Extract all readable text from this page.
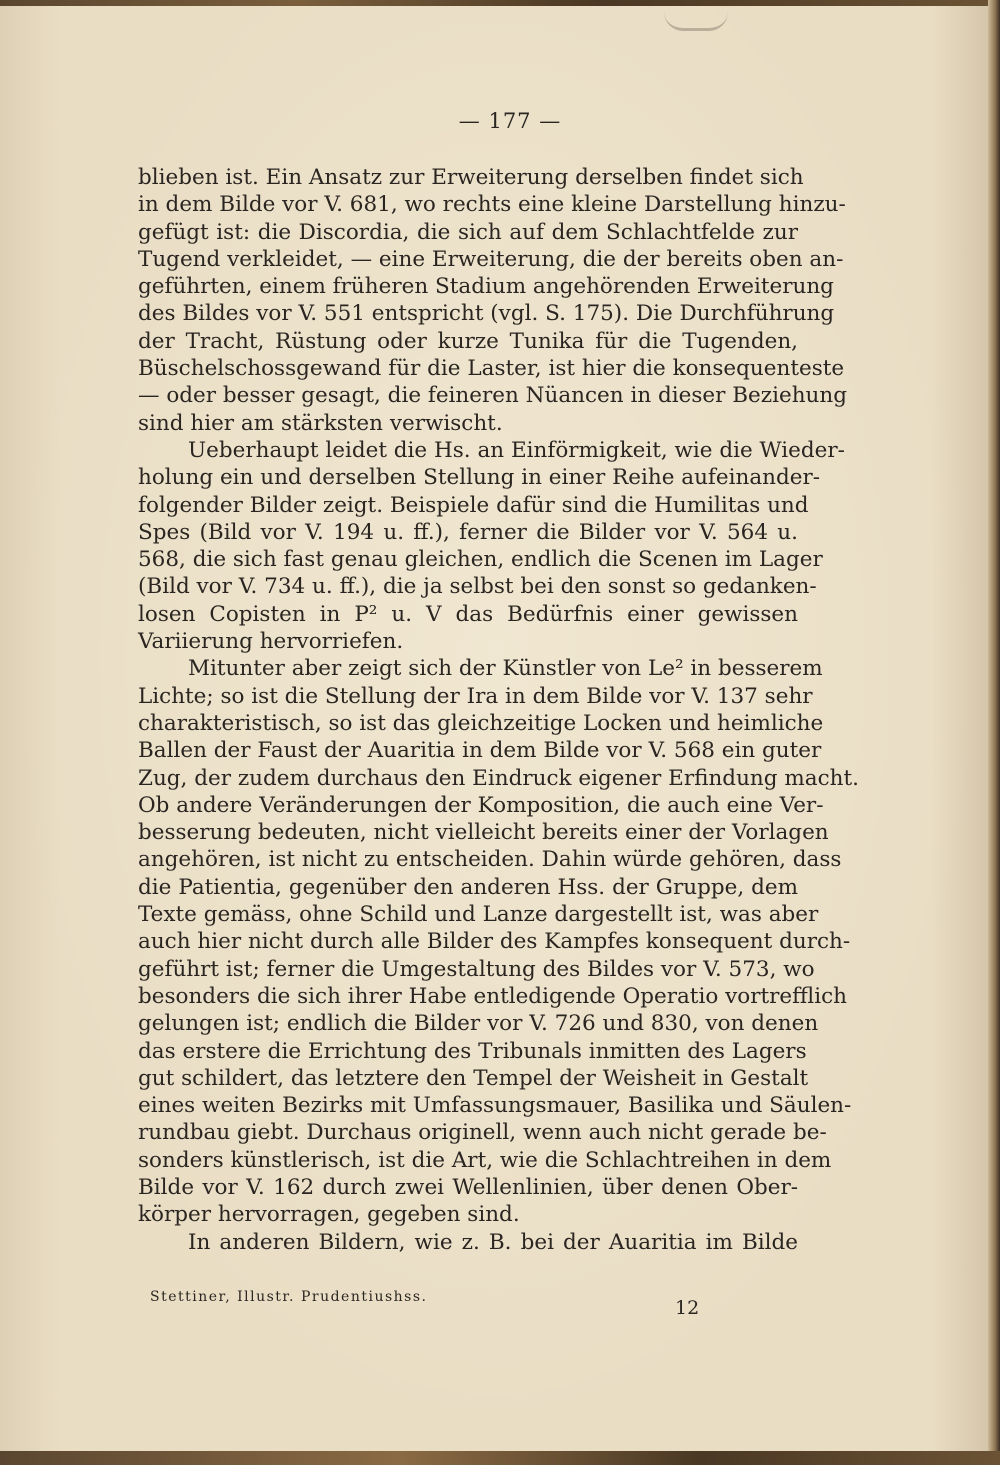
— 177 —
blieben ist. Ein Ansatz zur Erweiterung derselben findet sich
in dem Bilde vor V. 681, wo rechts eine kleine Darstellung hinzu-
gefügt ist: die Discordia, die sich auf dem Schlachtfelde zur
Tugend verkleidet, — eine Erweiterung, die der bereits oben an-
geführten, einem früheren Stadium angehörenden Erweiterung
des Bildes vor V. 551 entspricht (vgl. S. 175). Die Durchführung
der Tracht, Rüstung oder kurze Tunika für die Tugenden,
Büschelschossgewand für die Laster, ist hier die konsequenteste
— oder besser gesagt, die feineren Nüancen in dieser Beziehung
sind hier am stärksten verwischt.
Ueberhaupt leidet die Hs. an Einförmigkeit, wie die Wieder-
holung ein und derselben Stellung in einer Reihe aufeinander-
folgender Bilder zeigt. Beispiele dafür sind die Humilitas und
Spes (Bild vor V. 194 u. ff.), ferner die Bilder vor V. 564 u.
568, die sich fast genau gleichen, endlich die Scenen im Lager
(Bild vor V. 734 u. ff.), die ja selbst bei den sonst so gedanken-
losen Copisten in P² u. V das Bedürfnis einer gewissen
Variierung hervorriefen.
Mitunter aber zeigt sich der Künstler von Le² in besserem
Lichte; so ist die Stellung der Ira in dem Bilde vor V. 137 sehr
charakteristisch, so ist das gleichzeitige Locken und heimliche
Ballen der Faust der Auaritia in dem Bilde vor V. 568 ein guter
Zug, der zudem durchaus den Eindruck eigener Erfindung macht.
Ob andere Veränderungen der Komposition, die auch eine Ver-
besserung bedeuten, nicht vielleicht bereits einer der Vorlagen
angehören, ist nicht zu entscheiden. Dahin würde gehören, dass
die Patientia, gegenüber den anderen Hss. der Gruppe, dem
Texte gemäss, ohne Schild und Lanze dargestellt ist, was aber
auch hier nicht durch alle Bilder des Kampfes konsequent durch-
geführt ist; ferner die Umgestaltung des Bildes vor V. 573, wo
besonders die sich ihrer Habe entledigende Operatio vortrefflich
gelungen ist; endlich die Bilder vor V. 726 und 830, von denen
das erstere die Errichtung des Tribunals inmitten des Lagers
gut schildert, das letztere den Tempel der Weisheit in Gestalt
eines weiten Bezirks mit Umfassungsmauer, Basilika und Säulen-
rundbau giebt. Durchaus originell, wenn auch nicht gerade be-
sonders künstlerisch, ist die Art, wie die Schlachtreihen in dem
Bilde vor V. 162 durch zwei Wellenlinien, über denen Ober-
körper hervorragen, gegeben sind.
In anderen Bildern, wie z. B. bei der Auaritia im Bilde
Stettiner, Illustr. Prudentiushss.	12
